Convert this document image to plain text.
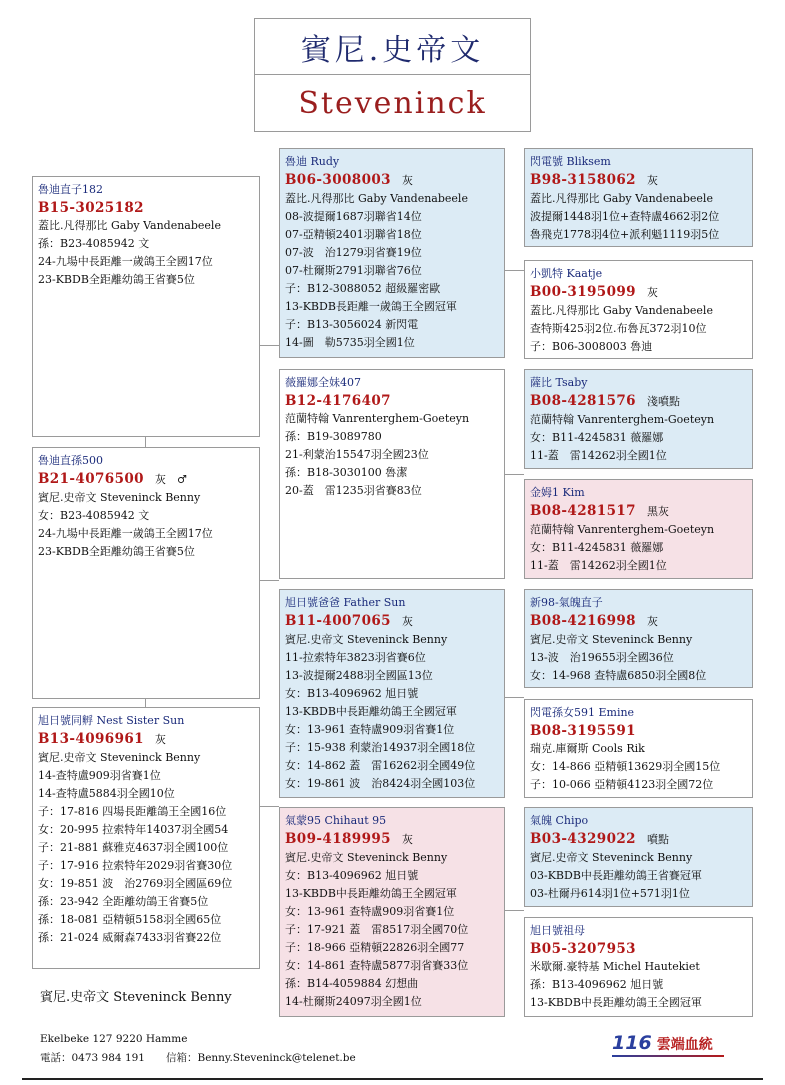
賓尼.史帝文
Steveninck
魯迪直子182
B15-3025182
蓋比.凡得那比 Gaby Vandenabeele
孫：B23-4085942 文
24-九場中長距離一歲鴿王全國17位
23-KBDB全距離幼鴿王省賽5位
魯迪直孫500
B21-4076500　 灰　♂
賓尼.史帝文 Steveninck Benny
女：B23-4085942 文
24-九場中長距離一歲鴿王全國17位
23-KBDB全距離幼鴿王省賽5位
旭日號同孵 Nest Sister Sun
B13-4096961　 灰
賓尼.史帝文 Steveninck Benny
14-查特盧909羽省賽1位
14-查特盧5884羽全國10位
子：17-816 四場長距離鴿王全國16位
女：20-995 拉索特年14037羽全國54
子：21-881 蘇雅克4637羽全國100位
子：17-916 拉索特年2029羽省賽30位
女：19-851 波　治2769羽全國區69位
孫：23-942 全距離幼鴿王省賽5位
孫：18-081 亞精頓5158羽全國65位
孫：21-024 威爾森7433羽省賽22位
魯迪 Rudy
B06-3008003　 灰
蓋比.凡得那比 Gaby Vandenabeele
08-波提爾1687羽聯省14位
07-亞精頓2401羽聯省18位
07-波　治1279羽省賽19位
07-杜爾斯2791羽聯省76位
子：B12-3088052 超級羅密歐
13-KBDB長距離一歲鴿王全國冠軍
子：B13-3056024 新閃電
14-圖　勒5735羽全國1位
薇羅娜全妹407
B12-4176407
范蘭特翰 Vanrenterghem-Goeteyn
孫：B19-3089780
21-利蒙治15547羽全國23位
孫：B18-3030100 魯潔
20-蓋　雷1235羽省賽83位
旭日號爸爸 Father Sun
B11-4007065　 灰
賓尼.史帝文 Steveninck Benny
11-拉索特年3823羽省賽6位
13-波提爾2488羽全國區13位
女：B13-4096962 旭日號
13-KBDB中長距離幼鴿王全國冠軍
女：13-961 查特盧909羽省賽1位
子：15-938 利蒙治14937羽全國18位
女：14-862 蓋　雷16262羽全國49位
女：19-861 波　治8424羽全國103位
氣蒙95 Chihaut 95
B09-4189995　 灰
賓尼.史帝文 Steveninck Benny
女：B13-4096962 旭日號
13-KBDB中長距離幼鴿王全國冠軍
女：13-961 查特盧909羽省賽1位
子：17-921 蓋　雷8517羽全國70位
子：18-966 亞精頓22826羽全國77
女：14-861 查特盧5877羽省賽33位
孫：B14-4059884 幻想曲
14-杜爾斯24097羽全國1位
閃電號 Bliksem
B98-3158062　 灰
蓋比.凡得那比 Gaby Vandenabeele
波提爾1448羽1位+查特盧4662羽2位
魯飛克1778羽4位+派利魁1119羽5位
小凱特 Kaatje
B00-3195099　 灰
蓋比.凡得那比 Gaby Vandenabeele
查特斯425羽2位.布魯瓦372羽10位
子：B06-3008003 魯迪
薩比 Tsaby
B08-4281576　 淺噴點
范蘭特翰 Vanrenterghem-Goeteyn
女：B11-4245831 薇羅娜
11-蓋　雷14262羽全國1位
金姆1 Kim
B08-4281517　 黑灰
范蘭特翰 Vanrenterghem-Goeteyn
女：B11-4245831 薇羅娜
11-蓋　雷14262羽全國1位
新98-氣魄直子
B08-4216998　 灰
賓尼.史帝文 Steveninck Benny
13-波　治19655羽全國36位
女：14-968 查特盧6850羽全國8位
閃電孫女591 Emine
B08-3195591
瑞克.庫爾斯 Cools Rik
女：14-866 亞精頓13629羽全國15位
子：10-066 亞精頓4123羽全國72位
氣魄 Chipo
B03-4329022　 噴點
賓尼.史帝文 Steveninck Benny
03-KBDB中長距離幼鴿王省賽冠軍
03-杜爾丹614羽1位+571羽1位
旭日號祖母
B05-3207953
米歇爾.豪特基 Michel Hautekiet
孫：B13-4096962 旭日號
13-KBDB中長距離幼鴿王全國冠軍
賓尼.史帝文 Steveninck Benny
Ekelbeke 127 9220 Hamme
電話：0473 984 191　　信箱：Benny.Steveninck@telenet.be
116 雲端血統
